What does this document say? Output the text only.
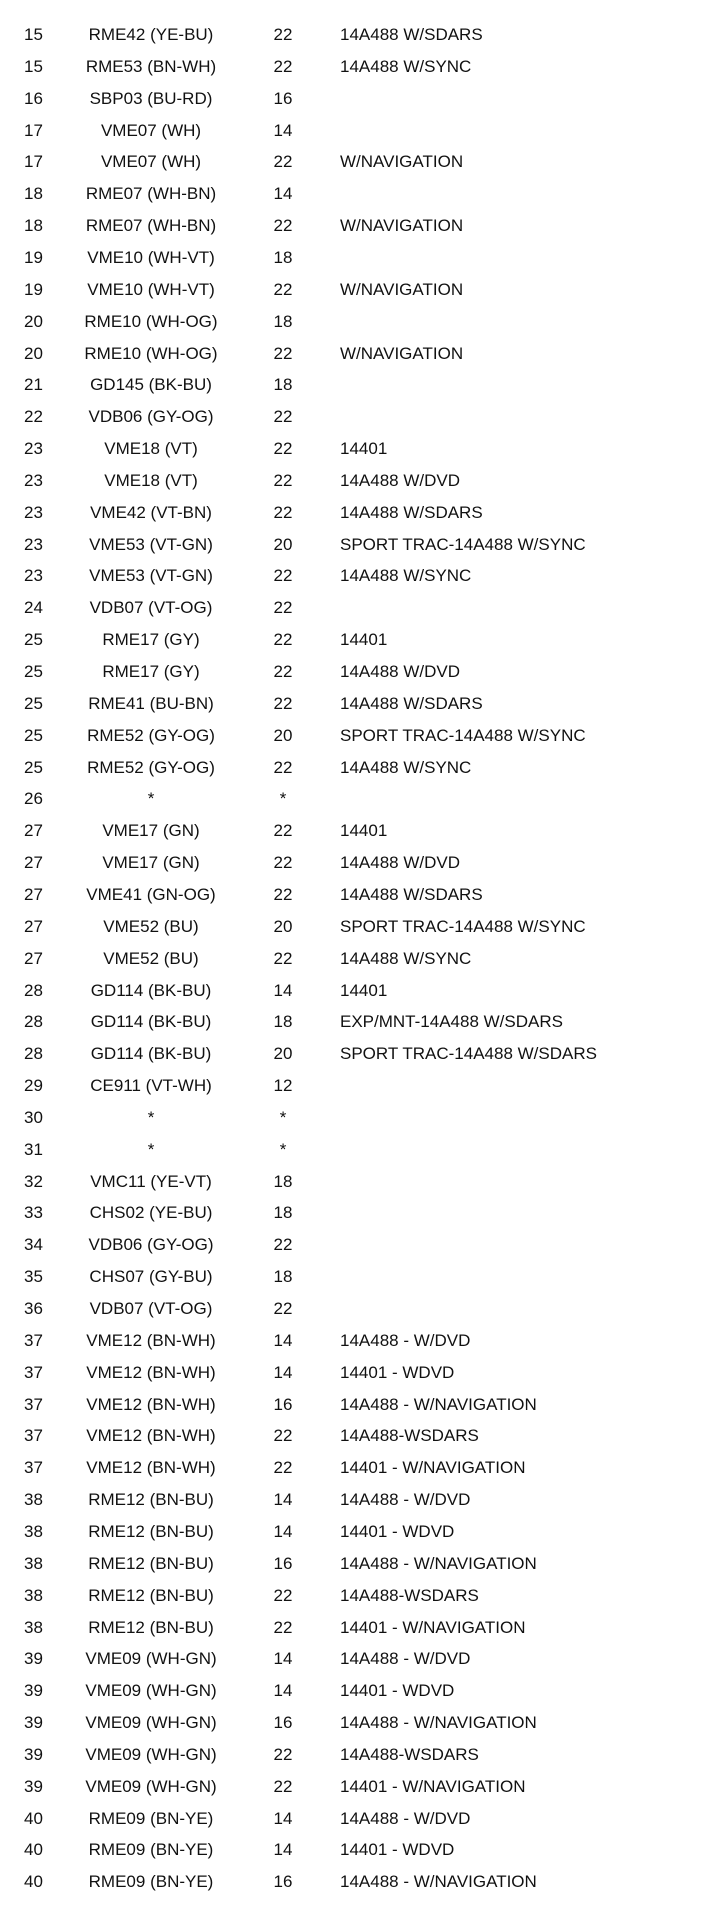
15	RME42 (YE-BU)	22	14A488 W/SDARS
15	RME53 (BN-WH)	22	14A488 W/SYNC
16	SBP03 (BU-RD)	16
17	VME07 (WH)	14
17	VME07 (WH)	22	W/NAVIGATION
18	RME07 (WH-BN)	14
18	RME07 (WH-BN)	22	W/NAVIGATION
19	VME10 (WH-VT)	18
19	VME10 (WH-VT)	22	W/NAVIGATION
20	RME10 (WH-OG)	18
20	RME10 (WH-OG)	22	W/NAVIGATION
21	GD145 (BK-BU)	18
22	VDB06 (GY-OG)	22
23	VME18 (VT)	22	14401
23	VME18 (VT)	22	14A488 W/DVD
23	VME42 (VT-BN)	22	14A488 W/SDARS
23	VME53 (VT-GN)	20	SPORT TRAC-14A488 W/SYNC
23	VME53 (VT-GN)	22	14A488 W/SYNC
24	VDB07 (VT-OG)	22
25	RME17 (GY)	22	14401
25	RME17 (GY)	22	14A488 W/DVD
25	RME41 (BU-BN)	22	14A488 W/SDARS
25	RME52 (GY-OG)	20	SPORT TRAC-14A488 W/SYNC
25	RME52 (GY-OG)	22	14A488 W/SYNC
26	*	*
27	VME17 (GN)	22	14401
27	VME17 (GN)	22	14A488 W/DVD
27	VME41 (GN-OG)	22	14A488 W/SDARS
27	VME52 (BU)	20	SPORT TRAC-14A488 W/SYNC
27	VME52 (BU)	22	14A488 W/SYNC
28	GD114 (BK-BU)	14	14401
28	GD114 (BK-BU)	18	EXP/MNT-14A488 W/SDARS
28	GD114 (BK-BU)	20	SPORT TRAC-14A488 W/SDARS
29	CE911 (VT-WH)	12
30	*	*
31	*	*
32	VMC11 (YE-VT)	18
33	CHS02 (YE-BU)	18
34	VDB06 (GY-OG)	22
35	CHS07 (GY-BU)	18
36	VDB07 (VT-OG)	22
37	VME12 (BN-WH)	14	14A488 - W/DVD
37	VME12 (BN-WH)	14	14401 - WDVD
37	VME12 (BN-WH)	16	14A488 - W/NAVIGATION
37	VME12 (BN-WH)	22	14A488-WSDARS
37	VME12 (BN-WH)	22	14401 - W/NAVIGATION
38	RME12 (BN-BU)	14	14A488 - W/DVD
38	RME12 (BN-BU)	14	14401 - WDVD
38	RME12 (BN-BU)	16	14A488 - W/NAVIGATION
38	RME12 (BN-BU)	22	14A488-WSDARS
38	RME12 (BN-BU)	22	14401 - W/NAVIGATION
39	VME09 (WH-GN)	14	14A488 - W/DVD
39	VME09 (WH-GN)	14	14401 - WDVD
39	VME09 (WH-GN)	16	14A488 - W/NAVIGATION
39	VME09 (WH-GN)	22	14A488-WSDARS
39	VME09 (WH-GN)	22	14401 - W/NAVIGATION
40	RME09 (BN-YE)	14	14A488 - W/DVD
40	RME09 (BN-YE)	14	14401 - WDVD
40	RME09 (BN-YE)	16	14A488 - W/NAVIGATION
